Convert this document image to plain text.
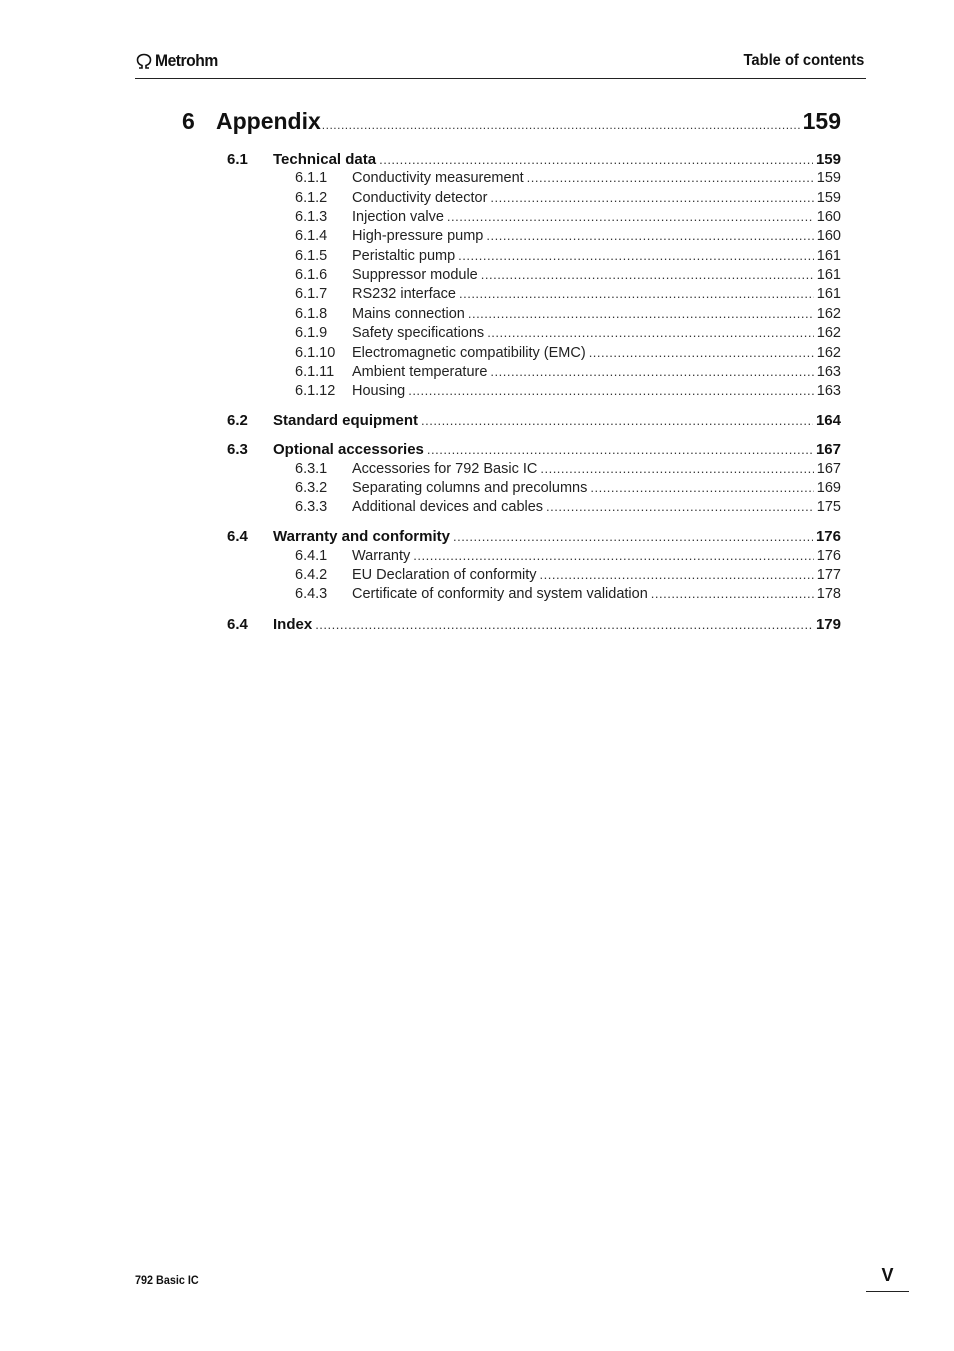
Metrohm	Table of contents
6 Appendix .....	159
6.1	Technical data .....	159
6.1.1	Conductivity measurement .....	159
6.1.2	Conductivity detector .....	159
6.1.3	Injection valve .....	160
6.1.4	High-pressure pump .....	160
6.1.5	Peristaltic pump .....	161
6.1.6	Suppressor module .....	161
6.1.7	RS232 interface .....	161
6.1.8	Mains connection .....	162
6.1.9	Safety specifications .....	162
6.1.10	Electromagnetic compatibility (EMC) .....	162
6.1.11	Ambient temperature .....	163
6.1.12	Housing .....	163
6.2	Standard equipment .....	164
6.3	Optional accessories .....	167
6.3.1	Accessories for 792 Basic IC .....	167
6.3.2	Separating columns and precolumns .....	169
6.3.3	Additional devices and cables .....	175
6.4	Warranty and conformity .....	176
6.4.1	Warranty .....	176
6.4.2	EU Declaration of conformity .....	177
6.4.3	Certificate of conformity and system validation .....	178
6.4	Index .....	179
792 Basic IC	V
